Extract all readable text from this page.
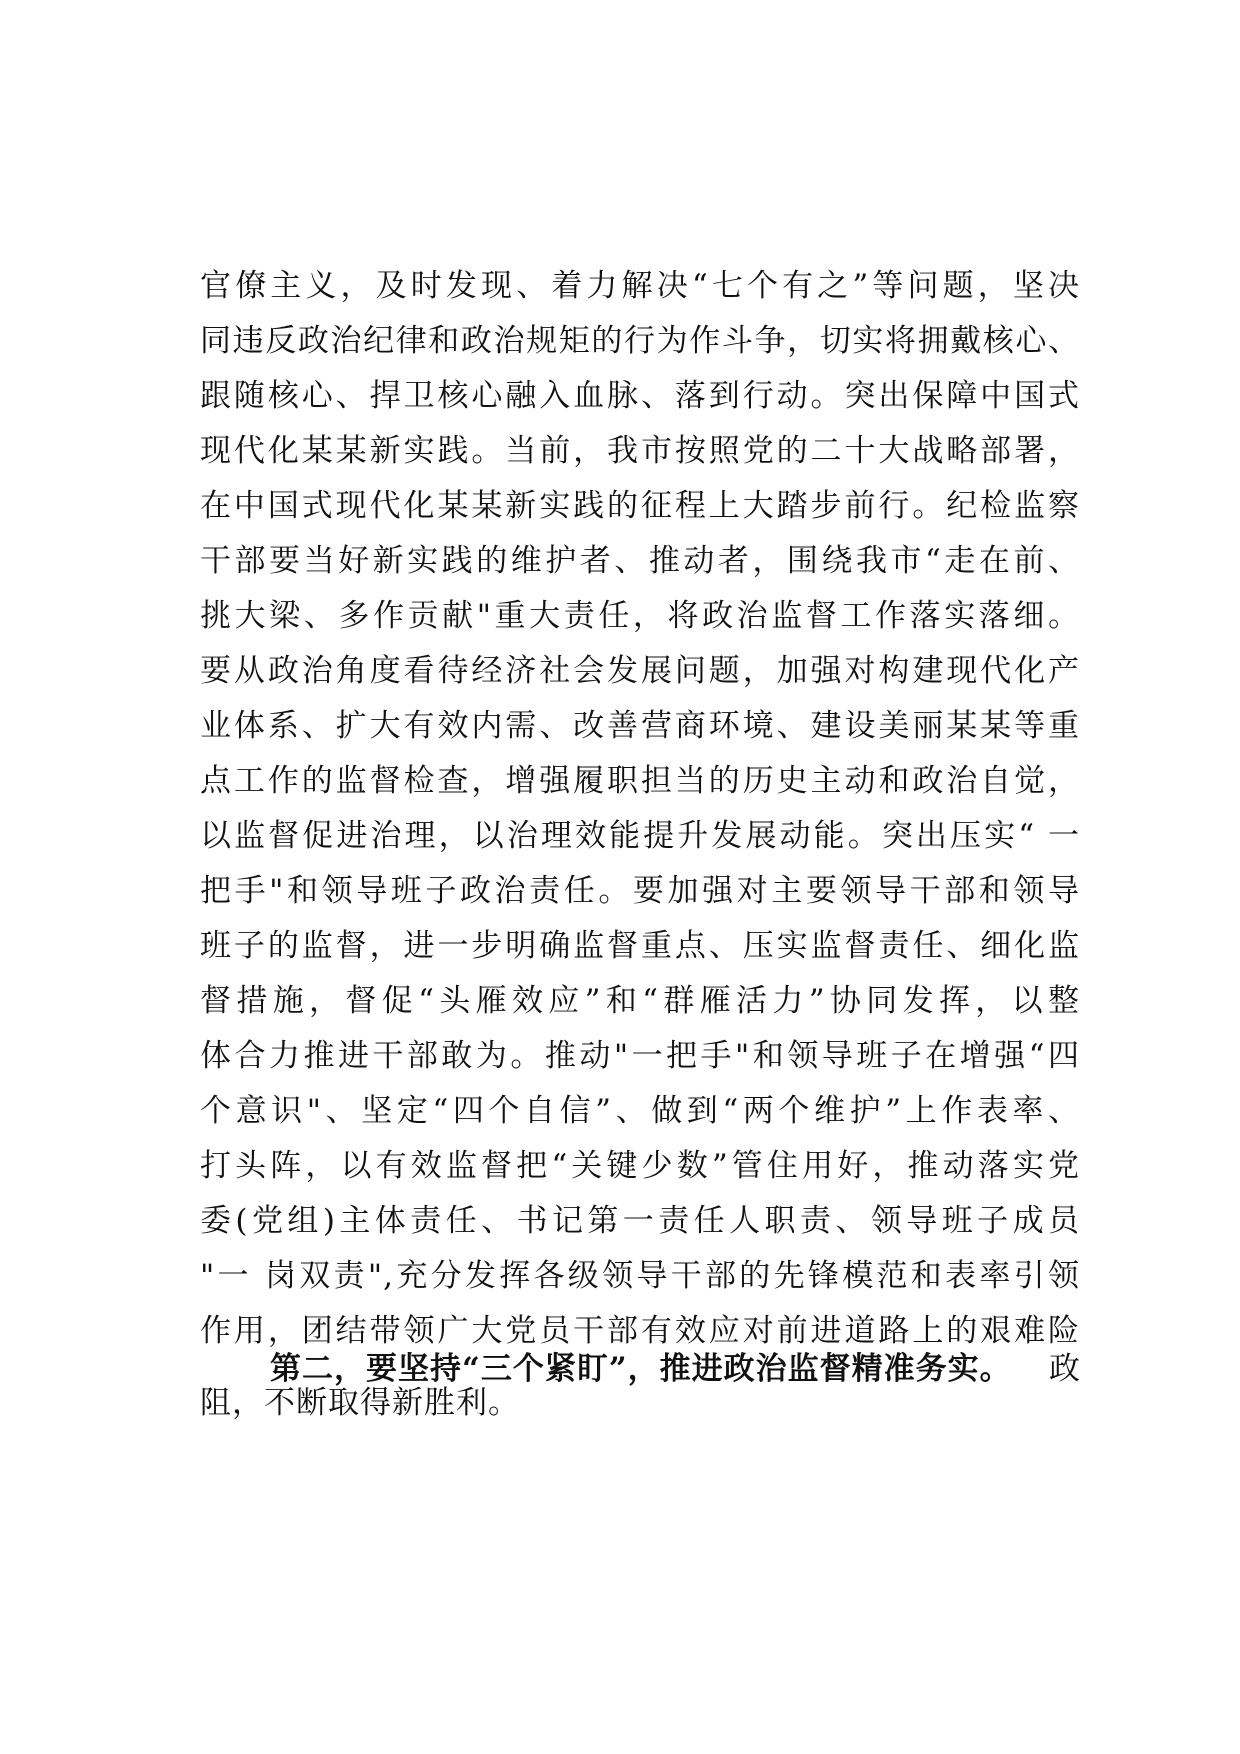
官僚主义，及时发现、着力解决“七个有之”等问题，坚决
同违反政治纪律和政治规矩的行为作斗争，切实将拥戴核心、
跟随核心、捍卫核心融入血脉、落到行动。突出保障中国式
现代化某某新实践。当前，我市按照党的二十大战略部署，
在中国式现代化某某新实践的征程上大踏步前行。纪检监察
干部要当好新实践的维护者、推动者，围绕我市“走在前、
挑大梁、多作贡献"重大责任，将政治监督工作落实落细。
要从政治角度看待经济社会发展问题，加强对构建现代化产
业体系、扩大有效内需、改善营商环境、建设美丽某某等重
点工作的监督检查，增强履职担当的历史主动和政治自觉，
以监督促进治理，以治理效能提升发展动能。突出压实“ 一
把手"和领导班子政治责任。要加强对主要领导干部和领导
班子的监督，进一步明确监督重点、压实监督责任、细化监
督措施，督促“头雁效应”和“群雁活力”协同发挥，以整
体合力推进干部敢为。推动"一把手"和领导班子在增强“四
个意识"、坚定“四个自信”、做到“两个维护”上作表率、
打头阵，以有效监督把“关键少数”管住用好，推动落实党
委(党组)主体责任、书记第一责任人职责、领导班子成员
"一 岗双责",充分发挥各级领导干部的先锋模范和表率引领
作用，团结带领广大党员干部有效应对前进道路上的艰难险
阻，不断取得新胜利。
第二，要坚持“三个紧盯”，推进政治监督精准务实。 政
